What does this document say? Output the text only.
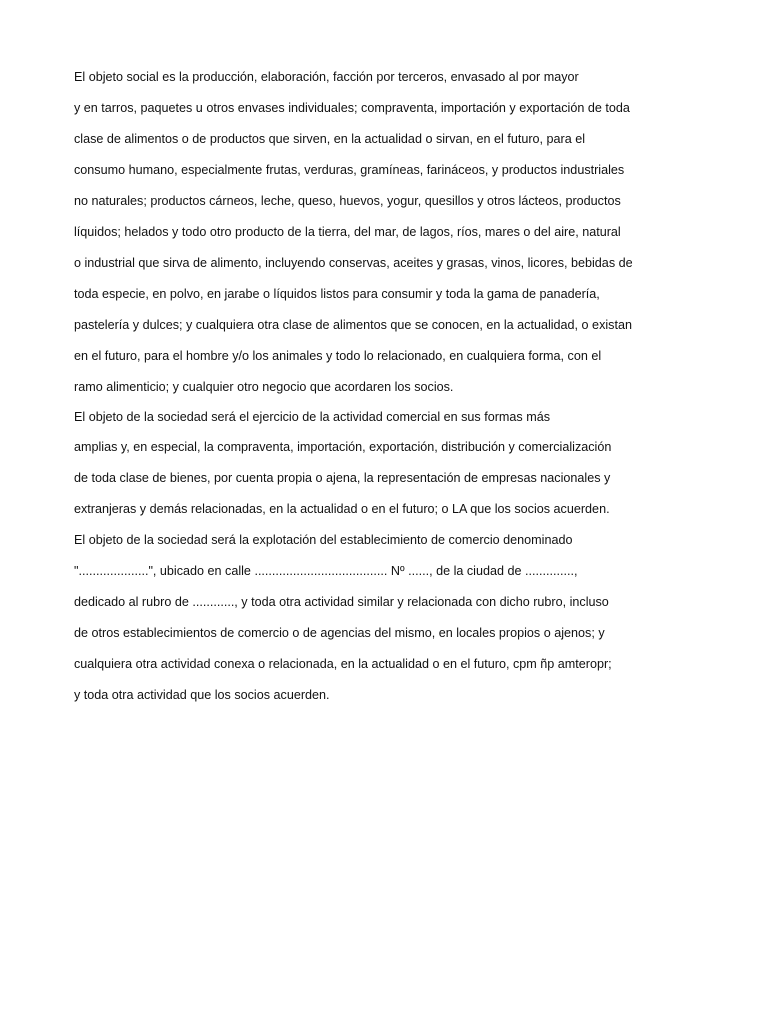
El objeto social es la producción, elaboración, facción por terceros, envasado al por mayor
y en tarros, paquetes u otros envases individuales; compraventa, importación y exportación de toda
clase de alimentos o de productos que sirven, en la actualidad o sirvan, en el futuro, para el
consumo humano, especialmente frutas, verduras, gramíneas, farináceos, y productos industriales
no naturales; productos cárneos, leche, queso, huevos, yogur, quesillos y otros lácteos, productos
líquidos; helados y todo otro producto de la tierra, del mar, de lagos, ríos, mares o del aire, natural
o industrial que sirva de alimento, incluyendo conservas, aceites y grasas, vinos, licores, bebidas de
toda especie, en polvo, en jarabe o líquidos listos para consumir y toda la gama de panadería,
pastelería y dulces; y cualquiera otra clase de alimentos que se conocen, en la actualidad, o existan
en el futuro, para el hombre y/o los animales y todo lo relacionado, en cualquiera forma, con el
ramo alimenticio; y cualquier otro negocio que acordaren los socios.
El objeto de la sociedad será el ejercicio de la actividad comercial en sus formas más
amplias y, en especial, la compraventa, importación, exportación, distribución y comercialización
de toda clase de bienes, por cuenta propia o ajena, la representación de empresas nacionales y
extranjeras y demás relacionadas, en la actualidad o en el futuro; o LA que los socios acuerden.
El objeto de la sociedad será la explotación del establecimiento de comercio denominado
"....................", ubicado en calle ...................................... Nº ......, de la ciudad de ..............,
dedicado al rubro de ............, y toda otra actividad similar y relacionada con dicho rubro, incluso
de otros establecimientos de comercio o de agencias del mismo, en locales propios o ajenos; y
cualquiera otra actividad conexa o relacionada, en la actualidad o en el futuro, cpm ñp amteropr;
y toda otra actividad que los socios acuerden.
